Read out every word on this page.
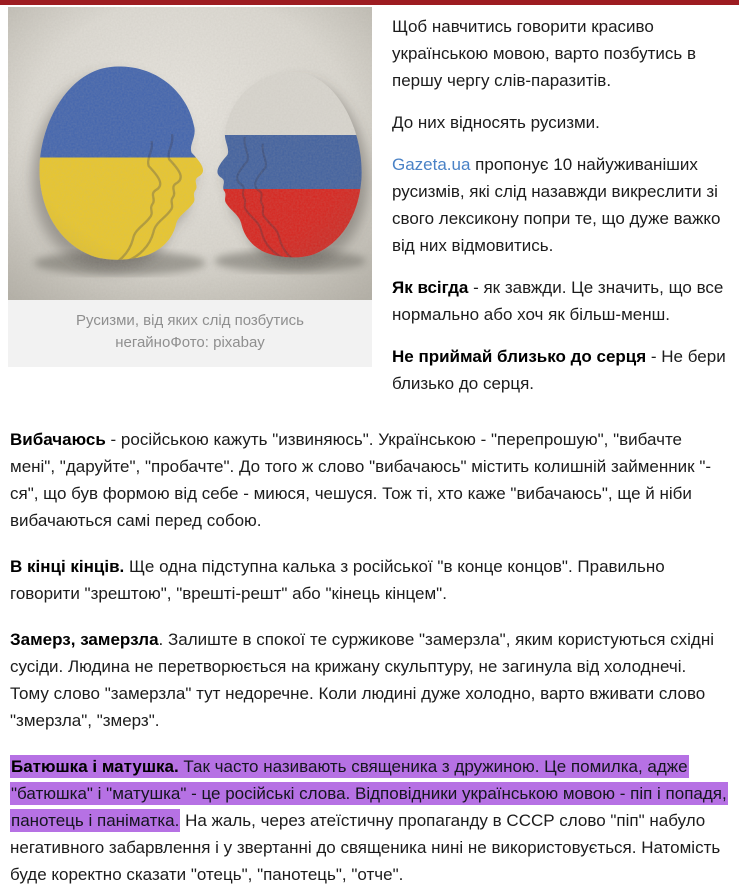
Русизми, від яких слід позбутись негайноФото: pixabay

Щоб навчитись говорити красиво українською мовою, варто позбутись в першу чергу слів-паразитів.

До них відносять русизми.

Gazeta.ua пропонує 10 найуживаніших русизмів, які слід назавжди викреслити зі свого лексикону попри те, що дуже важко від них відмовитись.

Як всігда - як завжди. Це значить, що все нормально або хоч як більш-менш.

Не приймай близько до серця - Не бери близько до серця.

Вибачаюсь - російською кажуть "извиняюсь". Українською - "перепрошую", "вибачте мені", "даруйте", "пробачте". До того ж слово "вибачаюсь" містить колишній займенник "-ся", що був формою від себе - миюся, чешуся. Тож ті, хто каже "вибачаюсь", ще й ніби вибачаються самі перед собою.

В кінці кінців. Ще одна підступна калька з російської "в конце концов". Правильно говорити "зрештою", "врешті-решт" або "кінець кінцем".

Замерз, замерзла. Залиште в спокої те суржикове "замерзла", яким користуються східні сусіди. Людина не перетворюється на крижану скульптуру, не загинула від холоднечі. Тому слово "замерзла" тут недоречне. Коли людині дуже холодно, варто вживати слово "змерзла", "змерз".

Батюшка і матушка. Так часто називають священика з дружиною. Це помилка, адже "батюшка" і "матушка" - це російські слова. Відповідники українською мовою - піп і попадя, панотець і паніматка. На жаль, через атеїстичну пропаганду в СССР слово "піп" набуло негативного забарвлення і у звертанні до священика нині не використовується. Натомість буде коректно сказати "отець", "панотець", "отче".
